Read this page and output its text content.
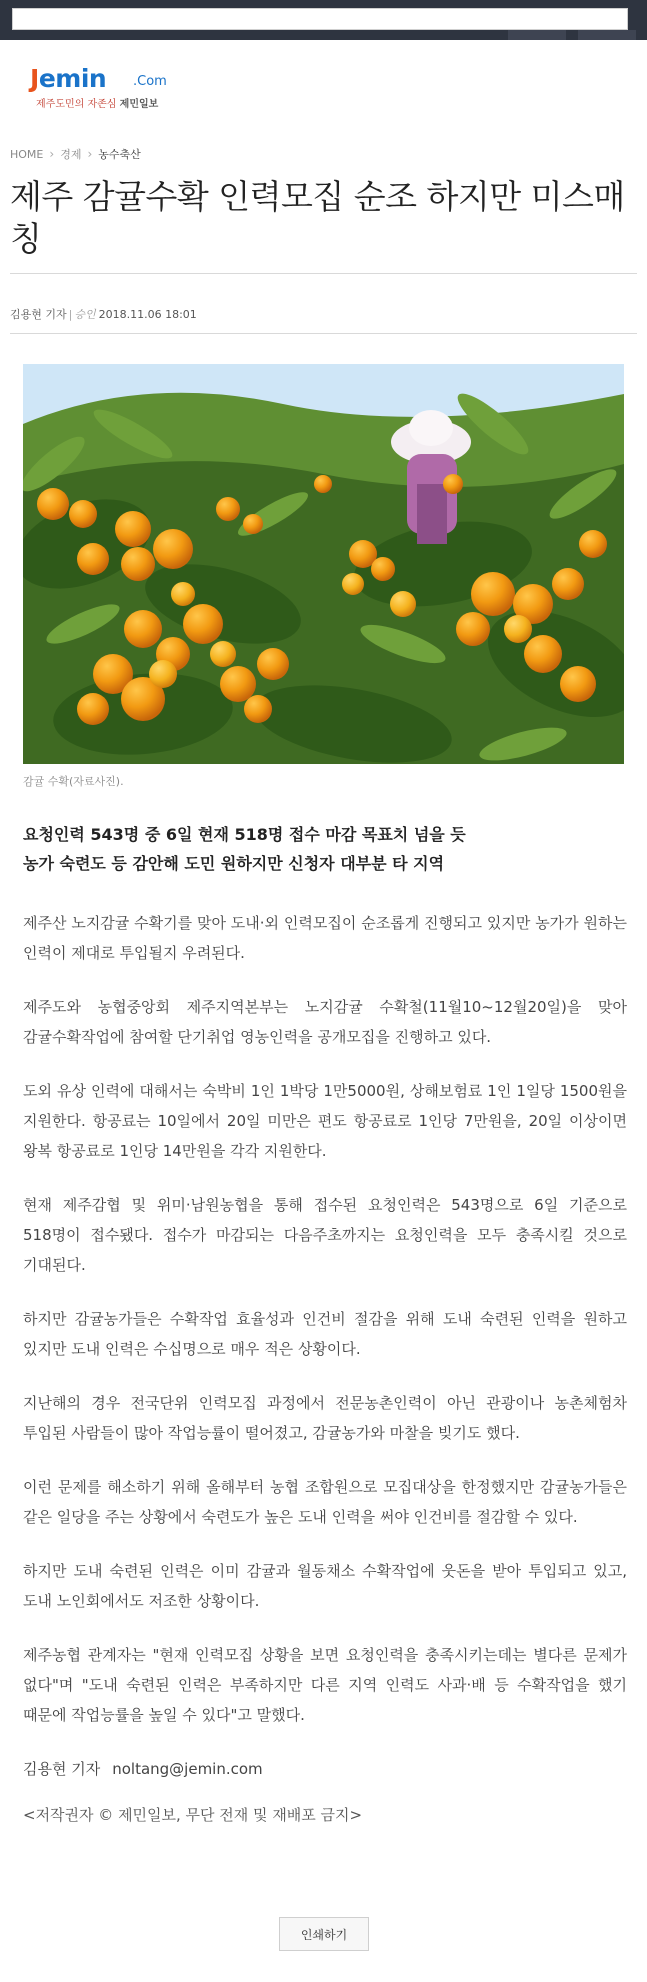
Jemin .Com
제주도민의 자존심 제민일보
HOME › 경제 › 농수축산
제주 감귤수확 인력모집 순조 하지만 미스매칭
김용현 기자 | 승인 2018.11.06 18:01
감귤 수확(자료사진).
요청인력 543명 중 6일 현재 518명 접수 마감 목표치 넘을 듯
농가 숙련도 등 감안해 도민 원하지만 신청자 대부분 타 지역

제주산 노지감귤 수확기를 맞아 도내·외 인력모집이 순조롭게 진행되고 있지만 농가가 원하는 인력이 제대로 투입될지 우려된다.

제주도와 농협중앙회 제주지역본부는 노지감귤 수확철(11월10~12월20일)을 맞아 감귤수확작업에 참여할 단기취업 영농인력을 공개모집을 진행하고 있다.

도외 유상 인력에 대해서는 숙박비 1인 1박당 1만5000원, 상해보험료 1인 1일당 1500원을 지원한다. 항공료는 10일에서 20일 미만은 편도 항공료로 1인당 7만원을, 20일 이상이면 왕복 항공료로 1인당 14만원을 각각 지원한다.

현재 제주감협 및 위미·남원농협을 통해 접수된 요청인력은 543명으로 6일 기준으로 518명이 접수됐다. 접수가 마감되는 다음주초까지는 요청인력을 모두 충족시킬 것으로 기대된다.

하지만 감귤농가들은 수확작업 효율성과 인건비 절감을 위해 도내 숙련된 인력을 원하고 있지만 도내 인력은 수십명으로 매우 적은 상황이다.

지난해의 경우 전국단위 인력모집 과정에서 전문농촌인력이 아닌 관광이나 농촌체험차 투입된 사람들이 많아 작업능률이 떨어졌고, 감귤농가와 마찰을 빚기도 했다.

이런 문제를 해소하기 위해 올해부터 농협 조합원으로 모집대상을 한정했지만 감귤농가들은 같은 일당을 주는 상황에서 숙련도가 높은 도내 인력을 써야 인건비를 절감할 수 있다.

하지만 도내 숙련된 인력은 이미 감귤과 월동채소 수확작업에 웃돈을 받아 투입되고 있고, 도내 노인회에서도 저조한 상황이다.

제주농협 관계자는 "현재 인력모집 상황을 보면 요청인력을 충족시키는데는 별다른 문제가 없다"며 "도내 숙련된 인력은 부족하지만 다른 지역 인력도 사과·배 등 수확작업을 했기 때문에 작업능률을 높일 수 있다"고 말했다.

김용현 기자 noltang@jemin.com

<저작권자 © 제민일보, 무단 전재 및 재배포 금지>

인쇄하기
